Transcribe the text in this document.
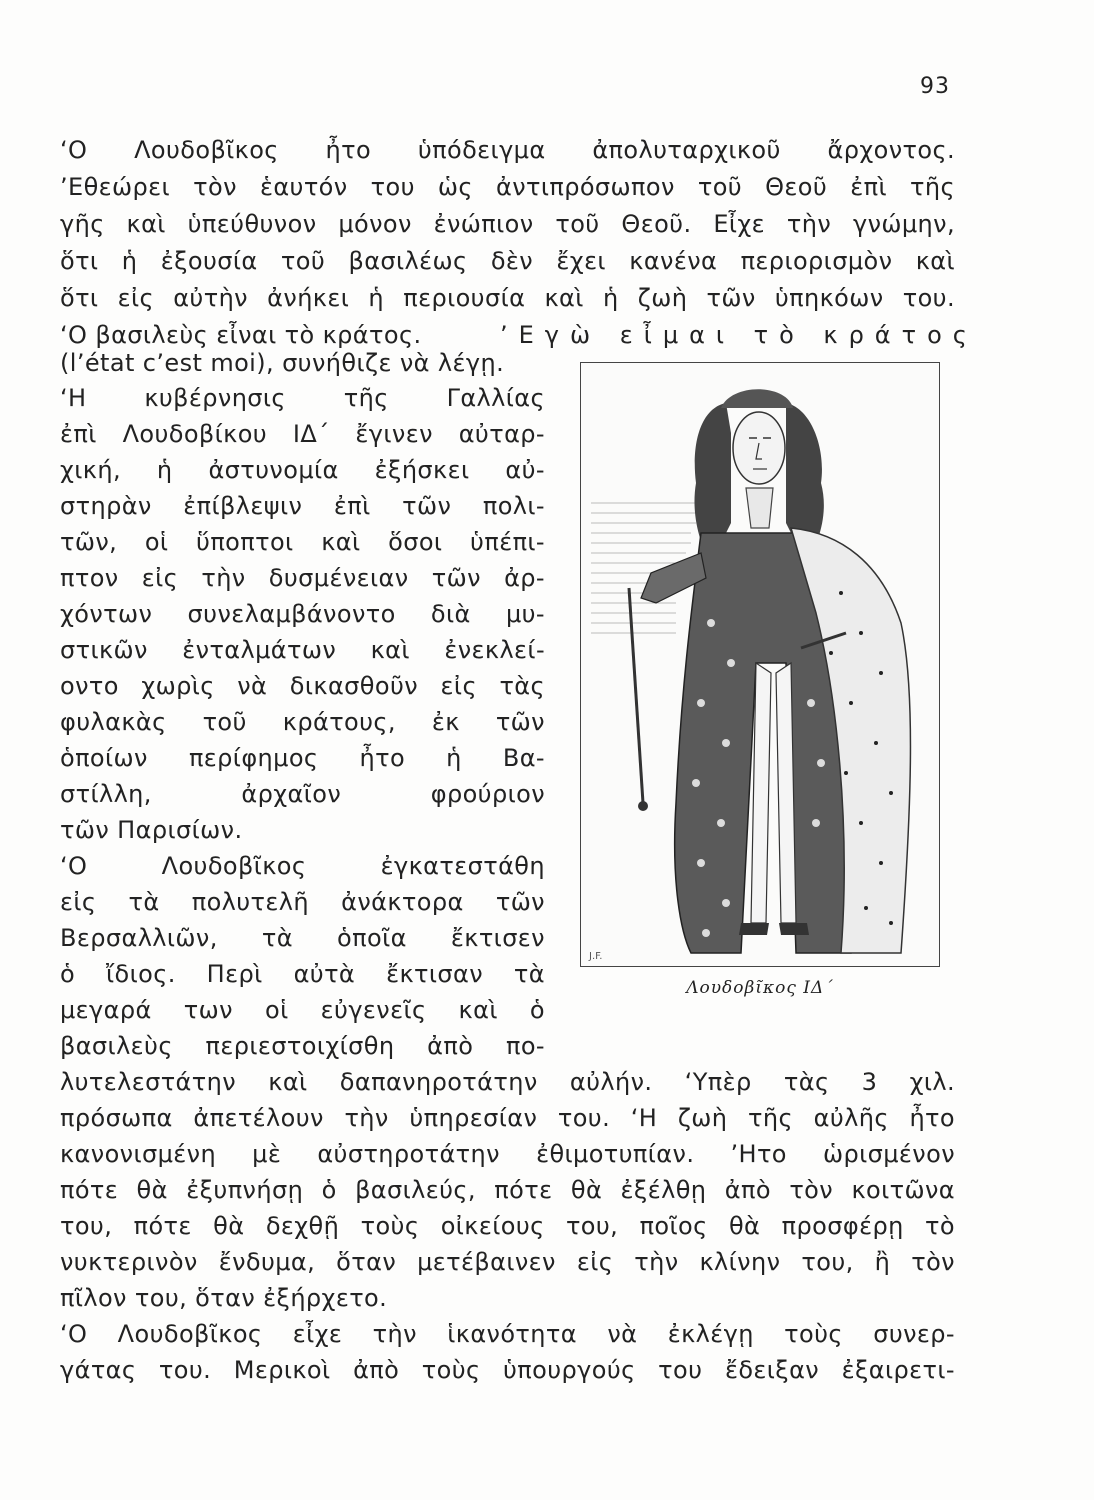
93
‘Ο Λουδοβῖκος ἦτο ὑπόδειγμα ἀπολυταρχικοῦ ἄρχοντος.
’Εθεώρει τὸν ἑαυτόν του ὡς ἀντιπρόσωπον τοῦ Θεοῦ ἐπὶ τῆς
γῆς καὶ ὑπεύθυνον μόνον ἐνώπιον τοῦ Θεοῦ. Εἶχε τὴν γνώμην,
ὅτι ἡ ἐξουσία τοῦ βασιλέως δὲν ἔχει κανένα περιορισμὸν καὶ
ὅτι εἰς αὐτὴν ἀνήκει ἡ περιουσία καὶ ἡ ζωὴ τῶν ὑπηκόων του.
‘Ο βασιλεὺς εἶναι τὸ κράτος.	’Εγὼ εἶμαι τὸ κράτος
(l’état c’est moi), συνήθιζε νὰ λέγῃ.
‘Η κυβέρνησις τῆς Γαλλίας
ἐπὶ Λουδοβίκου ΙΔ΄ ἔγινεν αὐταρ-
χική, ἡ ἀστυνομία ἐξήσκει αὐ-
στηρὰν ἐπίβλεψιν ἐπὶ τῶν πολι-
τῶν, οἱ ὕποπτοι καὶ ὅσοι ὑπέπι-
πτον εἰς τὴν δυσμένειαν τῶν ἀρ-
χόντων συνελαμβάνοντο διὰ μυ-
στικῶν ἐνταλμάτων καὶ ἐνεκλεί-
οντο χωρὶς νὰ δικασθοῦν εἰς τὰς
φυλακὰς τοῦ κράτους, ἐκ τῶν
ὁποίων περίφημος ἦτο ἡ Βα-
στίλλη, ἀρχαῖον φρούριον
τῶν Παρισίων.
‘Ο Λουδοβῖκος ἐγκατεστάθη
εἰς τὰ πολυτελῆ ἀνάκτορα τῶν
Βερσαλλιῶν, τὰ ὁποῖα ἔκτισεν
ὁ ἴδιος. Περὶ αὐτὰ ἔκτισαν τὰ
μεγαρά των οἱ εὐγενεῖς καὶ ὁ
βασιλεὺς περιεστοιχίσθη ἀπὸ πο-
λυτελεστάτην καὶ δαπανηροτάτην αὐλήν. ‘Υπὲρ τὰς 3 χιλ.
πρόσωπα ἀπετέλουν τὴν ὑπηρεσίαν του. ‘Η ζωὴ τῆς αὐλῆς ἦτο
κανονισμένη μὲ αὐστηροτάτην ἐθιμοτυπίαν. ’Ητο ὡρισμένον
πότε θὰ ἐξυπνήσῃ ὁ βασιλεύς, πότε θὰ ἐξέλθῃ ἀπὸ τὸν κοιτῶνα
του, πότε θὰ δεχθῇ τοὺς οἰκείους του, ποῖος θὰ προσφέρῃ τὸ
νυκτερινὸν ἔνδυμα, ὅταν μετέβαινεν εἰς τὴν κλίνην του, ἢ τὸν
πῖλον του, ὅταν ἐξήρχετο.
‘Ο Λουδοβῖκος εἶχε τὴν ἱκανότητα νὰ ἐκλέγῃ τοὺς συνερ-
γάτας του. Μερικοὶ ἀπὸ τοὺς ὑπουργούς του ἔδειξαν ἐξαιρετι-
J.F.
Λουδοβῖκος ΙΔ΄
